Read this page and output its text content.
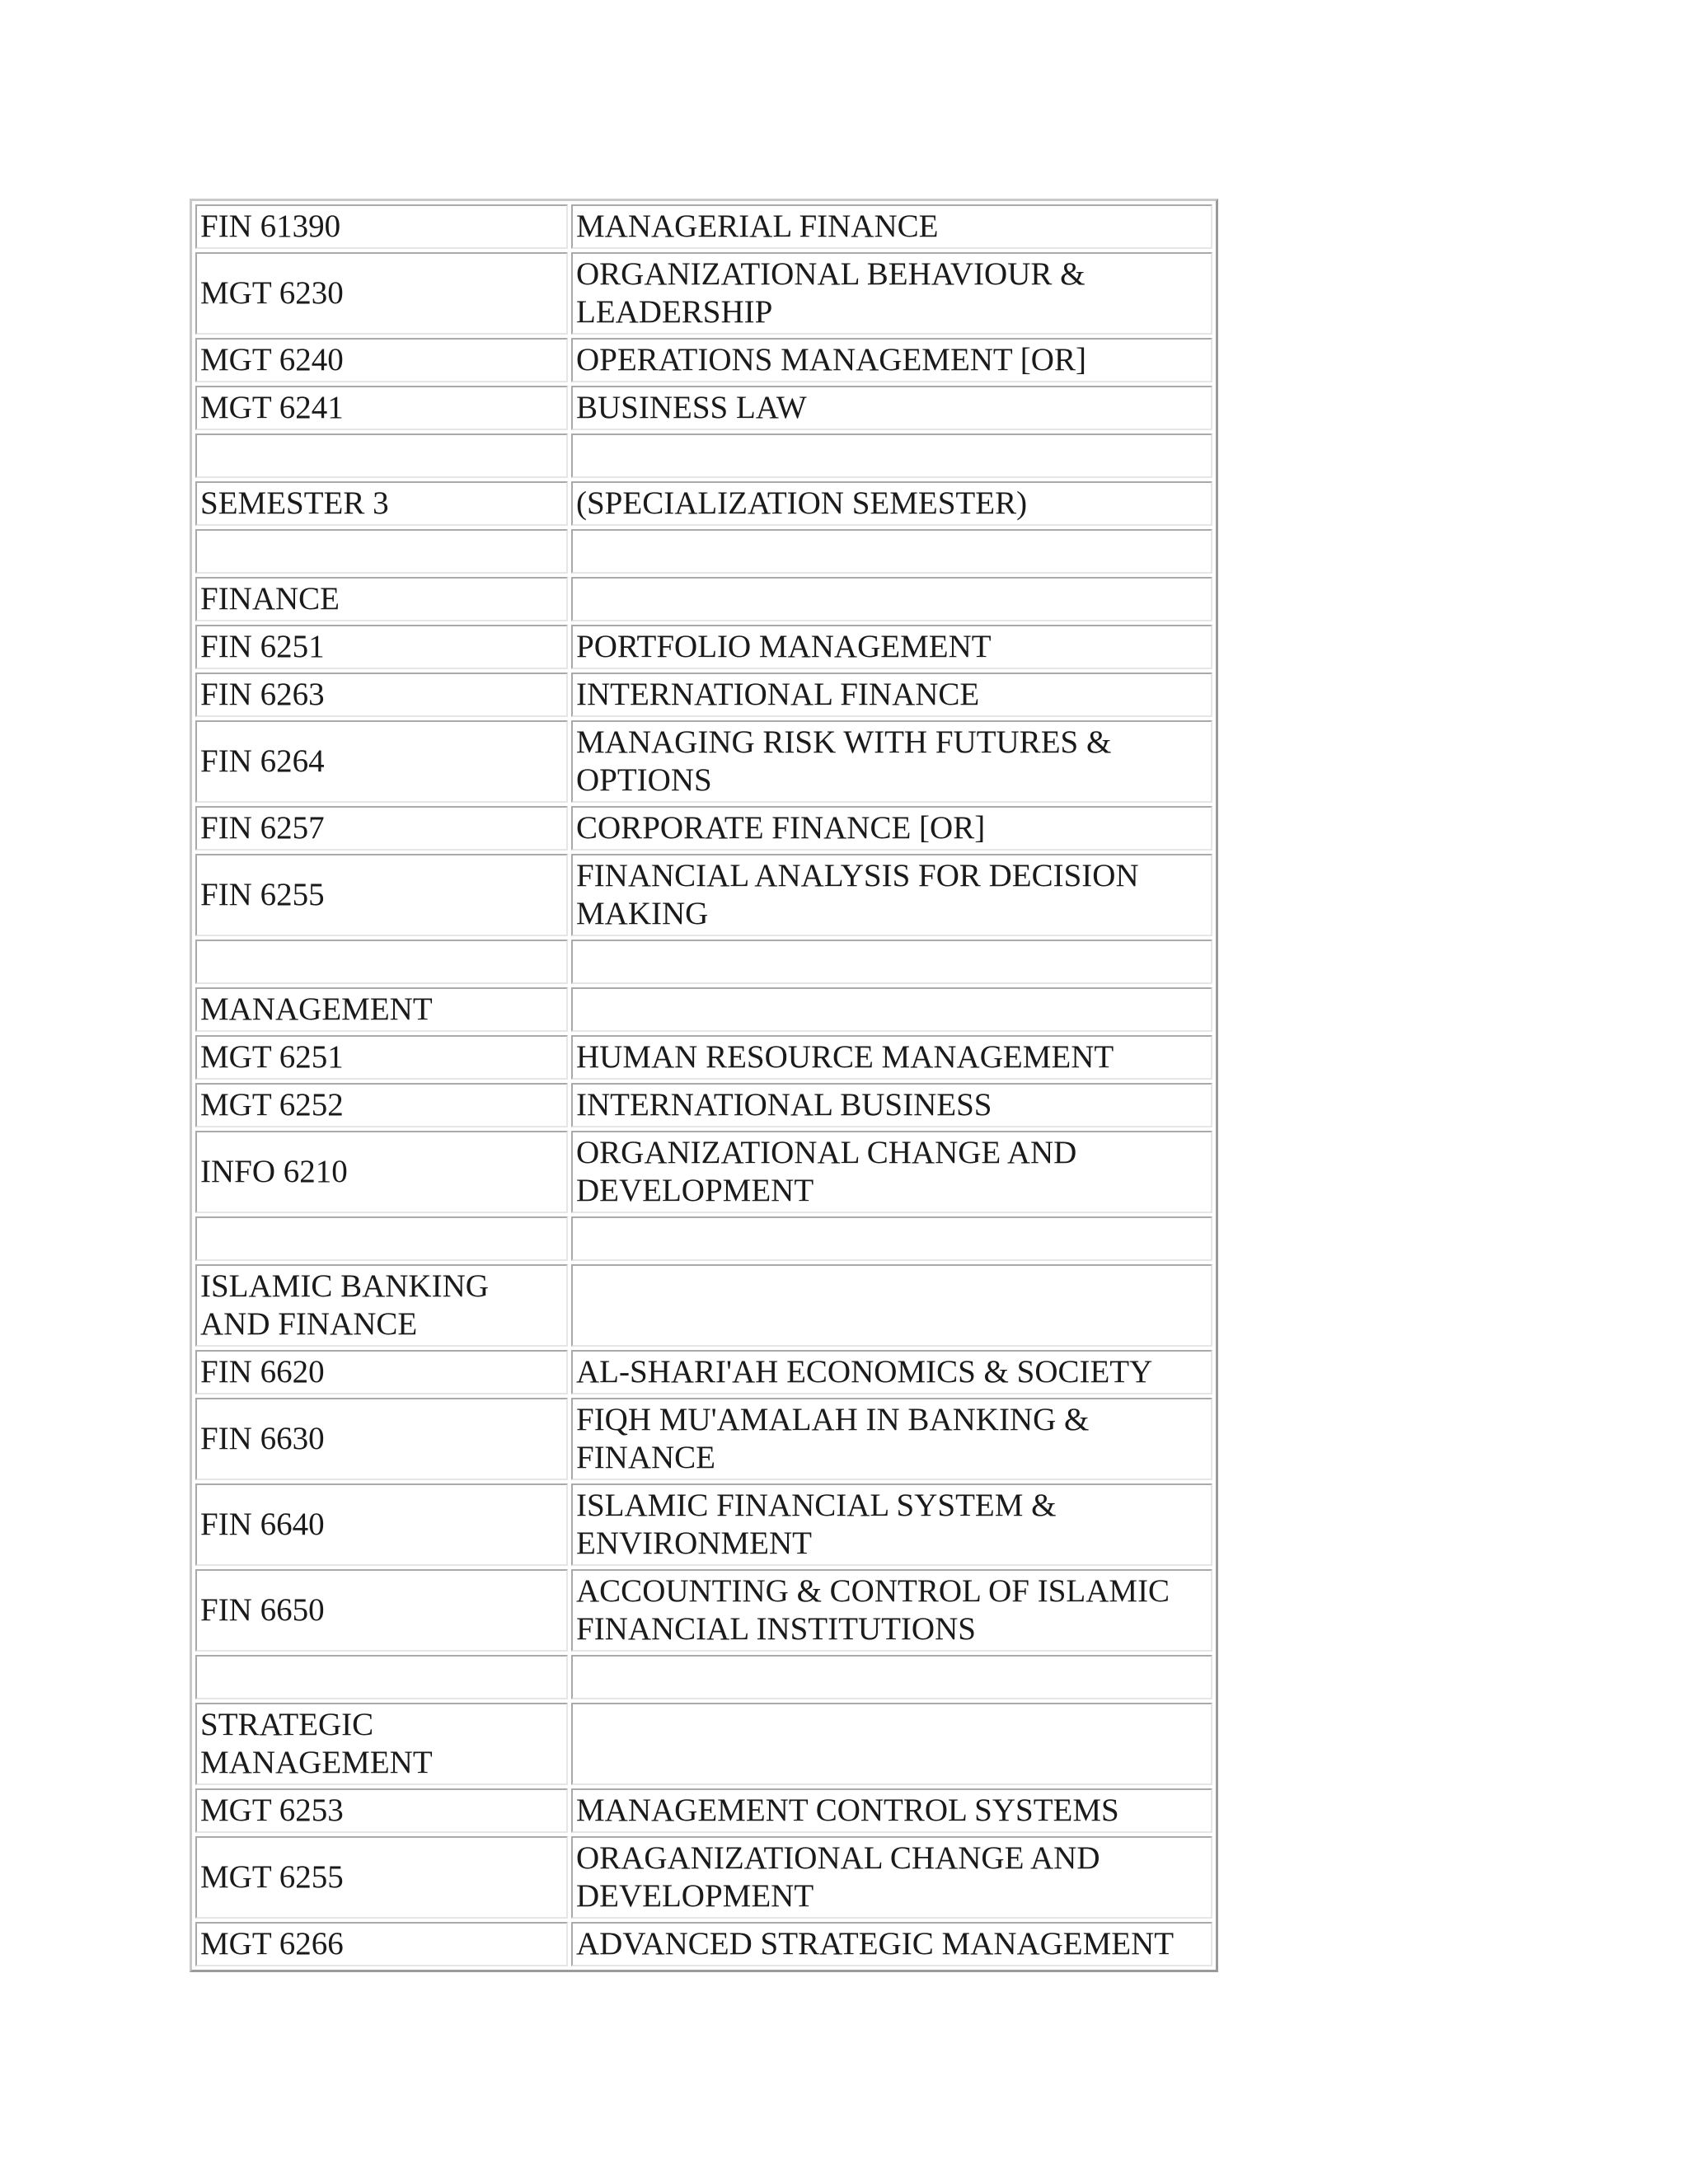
FIN 61390	MANAGERIAL FINANCE
MGT 6230	ORGANIZATIONAL BEHAVIOUR & LEADERSHIP
MGT 6240	OPERATIONS MANAGEMENT [OR]
MGT 6241	BUSINESS LAW

SEMESTER 3	(SPECIALIZATION SEMESTER)

FINANCE	
FIN 6251	PORTFOLIO MANAGEMENT
FIN 6263	INTERNATIONAL FINANCE
FIN 6264	MANAGING RISK WITH FUTURES & OPTIONS
FIN 6257	CORPORATE FINANCE [OR]
FIN 6255	FINANCIAL ANALYSIS FOR DECISION MAKING

MANAGEMENT	
MGT 6251	HUMAN RESOURCE MANAGEMENT
MGT 6252	INTERNATIONAL BUSINESS
INFO 6210	ORGANIZATIONAL CHANGE AND DEVELOPMENT

ISLAMIC BANKING AND FINANCE	
FIN 6620	AL-SHARI'AH ECONOMICS & SOCIETY
FIN 6630	FIQH MU'AMALAH IN BANKING & FINANCE
FIN 6640	ISLAMIC FINANCIAL SYSTEM & ENVIRONMENT
FIN 6650	ACCOUNTING & CONTROL OF ISLAMIC FINANCIAL INSTITUTIONS

STRATEGIC MANAGEMENT	
MGT 6253	MANAGEMENT CONTROL SYSTEMS
MGT 6255	ORAGANIZATIONAL CHANGE AND DEVELOPMENT
MGT 6266	ADVANCED STRATEGIC MANAGEMENT
